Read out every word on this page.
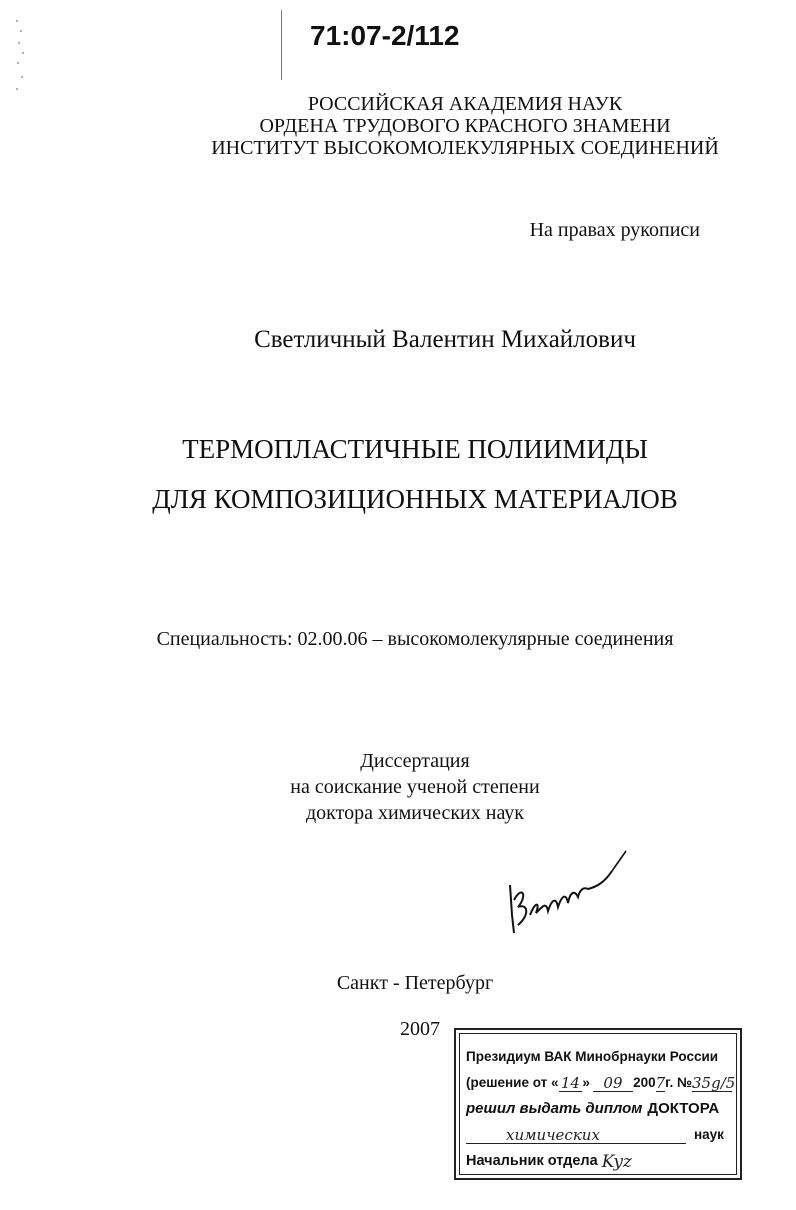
71:07-2/112
РОССИЙСКАЯ АКАДЕМИЯ НАУК
ОРДЕНА ТРУДОВОГО КРАСНОГО ЗНАМЕНИ
ИНСТИТУТ ВЫСОКОМОЛЕКУЛЯРНЫХ СОЕДИНЕНИЙ
На правах рукописи
Светличный Валентин Михайлович
ТЕРМОПЛАСТИЧНЫЕ ПОЛИИМИДЫ
ДЛЯ КОМПОЗИЦИОННЫХ МАТЕРИАЛОВ
Специальность: 02.00.06 – высокомолекулярные соединения
Диссертация
на соискание ученой степени
доктора химических наук
Санкт - Петербург
2007
Президиум ВАК Минобрнауки России
(решение от « 14 » 09 200 7 г. № 35g/5
решил выдать диплом ДОКТОРА
химических	наук
Начальник отдела Kyz
